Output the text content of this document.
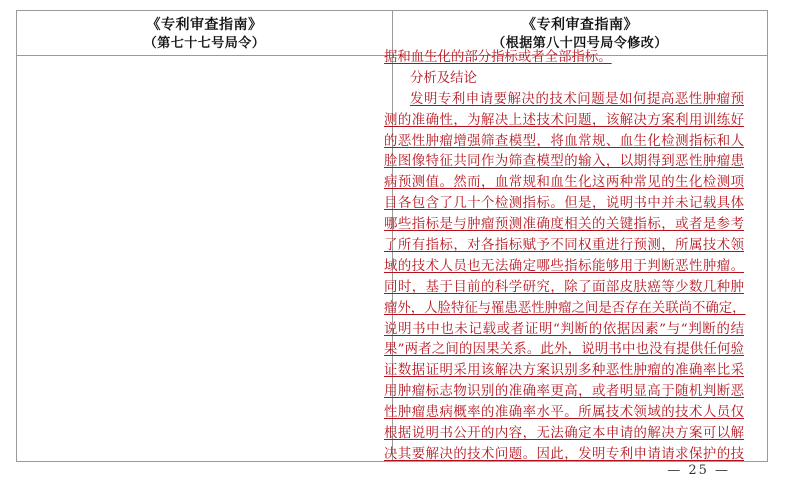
《专利审查指南》
（第七十七号局令）
《专利审查指南》
（根据第八十四号局令修改）
据和血生化的部分指标或者全部指标。
分析及结论
发明专利申请要解决的技术问题是如何提高恶性肿瘤预
测的准确性，为解决上述技术问题，该解决方案利用训练好
的恶性肿瘤增强筛查模型，将血常规、血生化检测指标和人
脸图像特征共同作为筛查模型的输入，以期得到恶性肿瘤患
病预测值。然而，血常规和血生化这两种常见的生化检测项
目各包含了几十个检测指标。但是，说明书中并未记载具体
哪些指标是与肿瘤预测准确度相关的关键指标，或者是参考
了所有指标，对各指标赋予不同权重进行预测，所属技术领
域的技术人员也无法确定哪些指标能够用于判断恶性肿瘤。
同时，基于目前的科学研究，除了面部皮肤癌等少数几种肿
瘤外，人脸特征与罹患恶性肿瘤之间是否存在关联尚不确定，
说明书中也未记载或者证明“判断的依据因素”与“判断的结
果”两者之间的因果关系。此外，说明书中也没有提供任何验
证数据证明采用该解决方案识别多种恶性肿瘤的准确率比采
用肿瘤标志物识别的准确率更高，或者明显高于随机判断恶
性肿瘤患病概率的准确率水平。所属技术领域的技术人员仅
根据说明书公开的内容，无法确定本申请的解决方案可以解
决其要解决的技术问题。因此，发明专利申请请求保护的技
— 25 —
